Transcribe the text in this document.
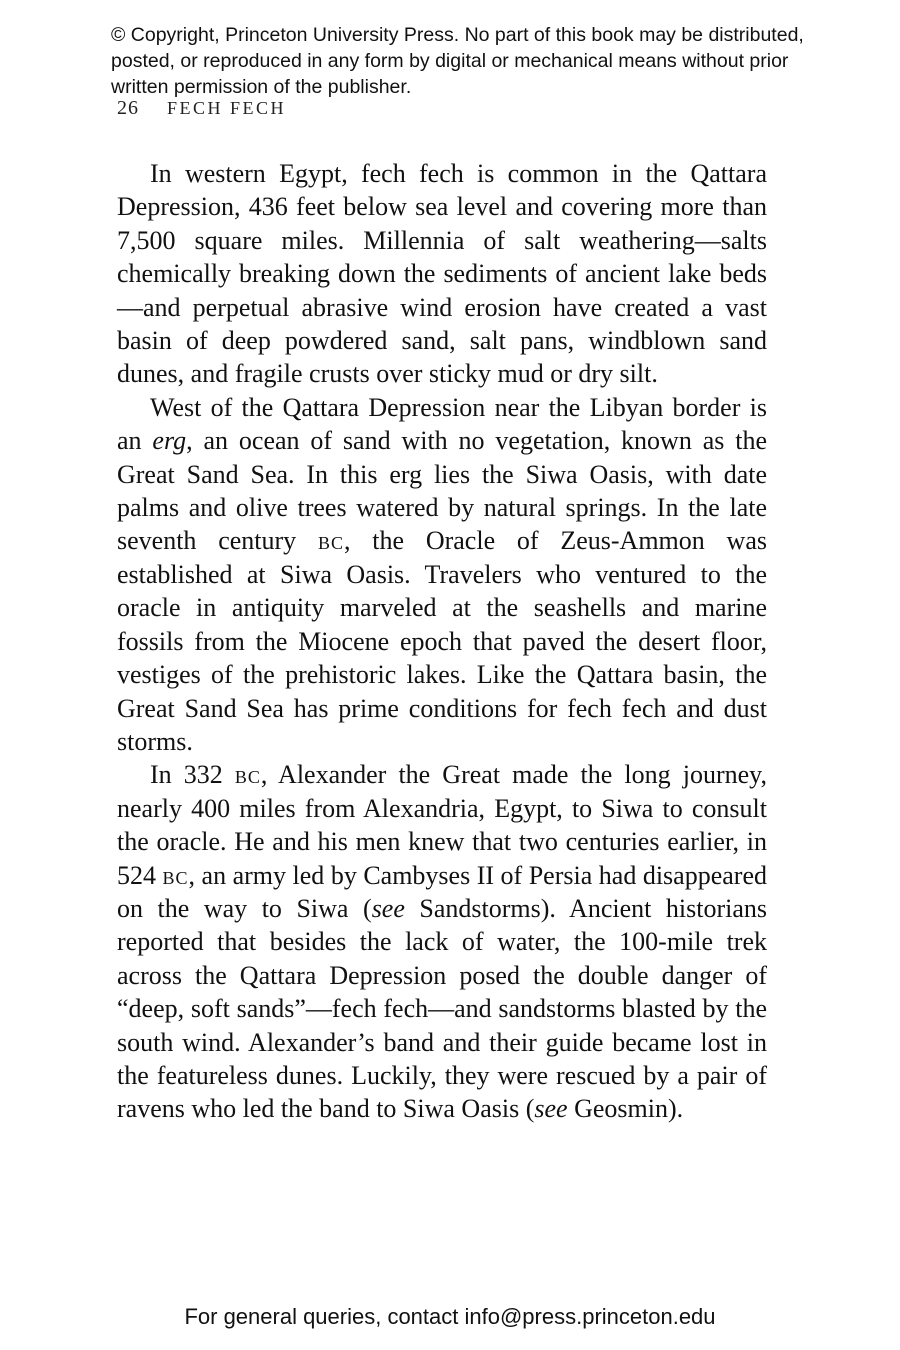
© Copyright, Princeton University Press. No part of this book may be distributed, posted, or reproduced in any form by digital or mechanical means without prior written permission of the publisher.
26 FECH FECH

In western Egypt, fech fech is common in the Qattara Depression, 436 feet below sea level and covering more than 7,500 square miles. Millennia of salt weathering—salts chemically breaking down the sediments of ancient lake beds—and perpetual abrasive wind erosion have created a vast basin of deep powdered sand, salt pans, windblown sand dunes, and fragile crusts over sticky mud or dry silt.

West of the Qattara Depression near the Libyan border is an erg, an ocean of sand with no vegetation, known as the Great Sand Sea. In this erg lies the Siwa Oasis, with date palms and olive trees watered by natural springs. In the late seventh century bc, the Oracle of Zeus-Ammon was established at Siwa Oasis. Travelers who ventured to the oracle in antiquity marveled at the seashells and marine fossils from the Miocene epoch that paved the desert floor, vestiges of the prehistoric lakes. Like the Qattara basin, the Great Sand Sea has prime conditions for fech fech and dust storms.

In 332 bc, Alexander the Great made the long journey, nearly 400 miles from Alexandria, Egypt, to Siwa to consult the oracle. He and his men knew that two centuries earlier, in 524 bc, an army led by Cambyses II of Persia had disappeared on the way to Siwa (see Sandstorms). Ancient historians reported that besides the lack of water, the 100-mile trek across the Qattara Depression posed the double danger of “deep, soft sands”—fech fech—and sandstorms blasted by the south wind. Alexander’s band and their guide became lost in the featureless dunes. Luckily, they were rescued by a pair of ravens who led the band to Siwa Oasis (see Geosmin).

For general queries, contact info@press.princeton.edu
